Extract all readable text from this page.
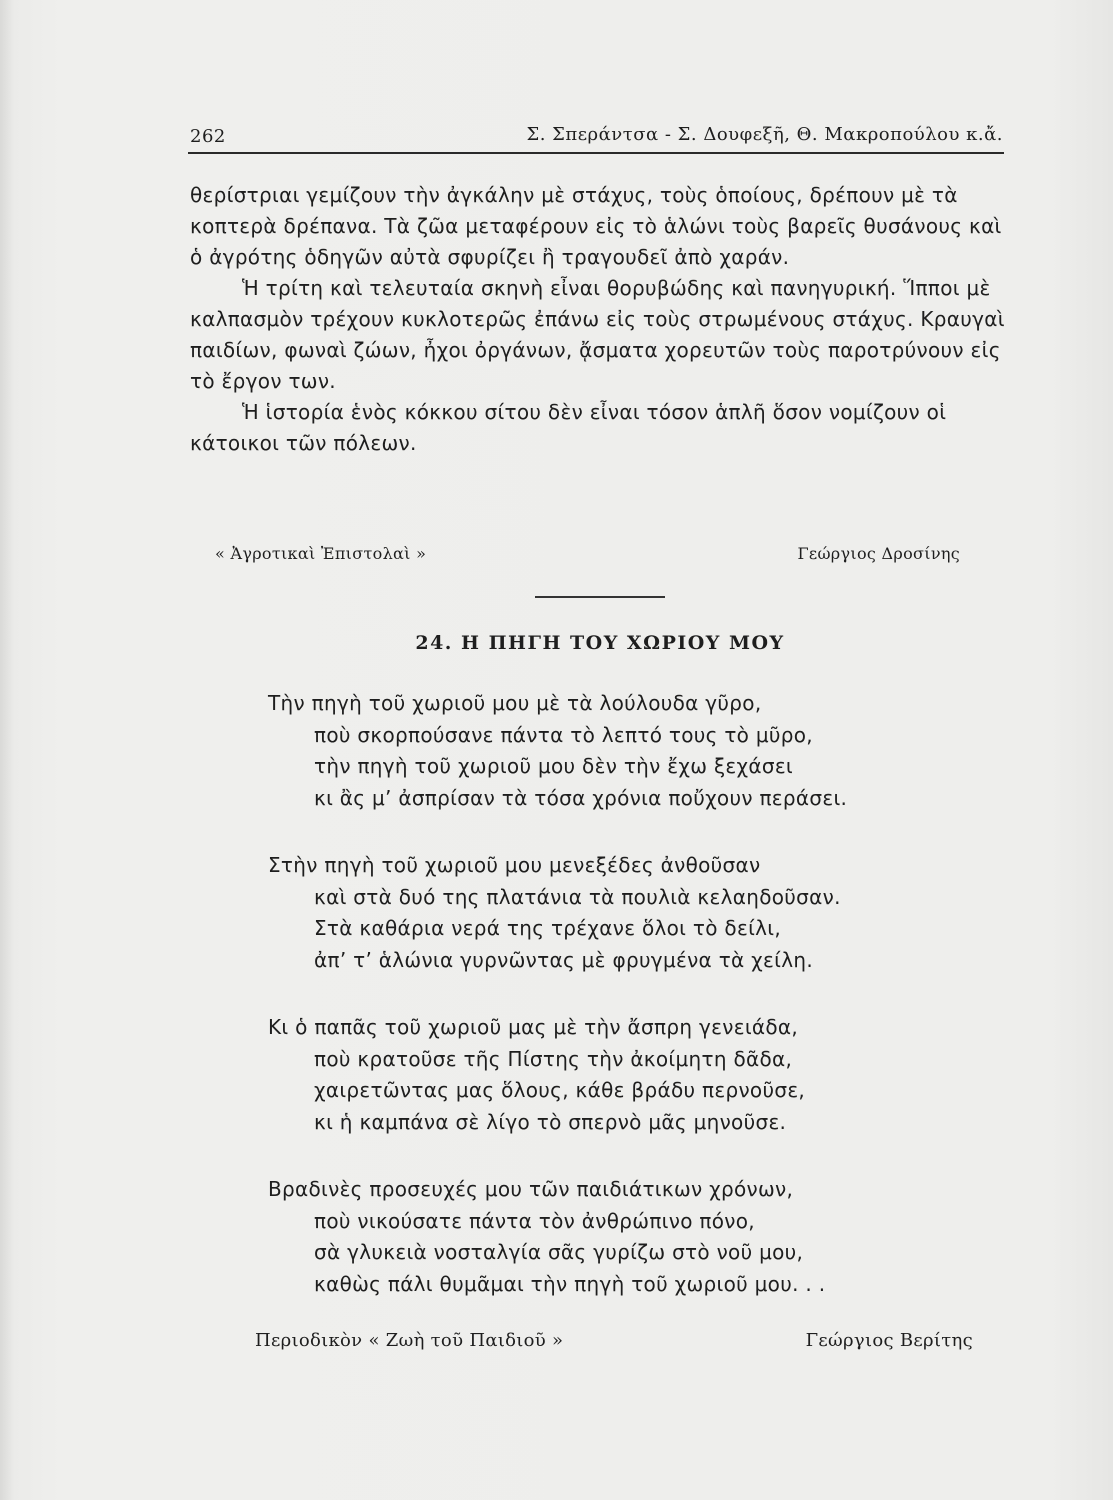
262	Σ. Σπεράντσα - Σ. Δουφεξῆ, Θ. Μακροπούλου κ.ἄ.

θερίστριαι γεμίζουν τὴν ἀγκάλην μὲ στάχυς, τοὺς ὁποίους, δρέπουν μὲ τὰ κοπτερὰ δρέπανα. Τὰ ζῶα μεταφέρουν εἰς τὸ ἁλώνι τοὺς βαρεῖς θυσάνους καὶ ὁ ἀγρότης ὁδηγῶν αὐτὰ σφυρίζει ἢ τραγουδεῖ ἀπὸ χαράν.

Ἡ τρίτη καὶ τελευταία σκηνὴ εἶναι θορυβώδης καὶ πανηγυρική. Ἵπποι μὲ καλπασμὸν τρέχουν κυκλοτερῶς ἐπάνω εἰς τοὺς στρωμένους στάχυς. Κραυγαὶ παιδίων, φωναὶ ζώων, ἦχοι ὀργάνων, ᾄσματα χορευτῶν τοὺς παροτρύνουν εἰς τὸ ἔργον των.

Ἡ ἱστορία ἑνὸς κόκκου σίτου δὲν εἶναι τόσον ἁπλῆ ὅσον νομίζουν οἱ κάτοικοι τῶν πόλεων.

« Ἀγροτικαὶ Ἐπιστολαὶ »	Γεώργιος Δροσίνης
24. Η ΠΗΓΗ ΤΟΥ ΧΩΡΙΟΥ ΜΟΥ
Τὴν πηγὴ τοῦ χωριοῦ μου μὲ τὰ λούλουδα γῦρο,
ποὺ σκορπούσανε πάντα τὸ λεπτό τους τὸ μῦρο,
τὴν πηγὴ τοῦ χωριοῦ μου δὲν τὴν ἔχω ξεχάσει
κι ἂς μ’ ἀσπρίσαν τὰ τόσα χρόνια ποὔχουν περάσει.
Στὴν πηγὴ τοῦ χωριοῦ μου μενεξέδες ἀνθοῦσαν
καὶ στὰ δυό της πλατάνια τὰ πουλιὰ κελαηδοῦσαν.
Στὰ καθάρια νερά της τρέχανε ὅλοι τὸ δείλι,
ἀπ’ τ’ ἁλώνια γυρνῶντας μὲ φρυγμένα τὰ χείλη.
Κι ὁ παπᾶς τοῦ χωριοῦ μας μὲ τὴν ἄσπρη γενειάδα,
ποὺ κρατοῦσε τῆς Πίστης τὴν ἀκοίμητη δᾶδα,
χαιρετῶντας μας ὅλους, κάθε βράδυ περνοῦσε,
κι ἡ καμπάνα σὲ λίγο τὸ σπερνὸ μᾶς μηνοῦσε.
Βραδινὲς προσευχές μου τῶν παιδιάτικων χρόνων,
ποὺ νικούσατε πάντα τὸν ἀνθρώπινο πόνο,
σὰ γλυκειὰ νοσταλγία σᾶς γυρίζω στὸ νοῦ μου,
καθὼς πάλι θυμᾶμαι τὴν πηγὴ τοῦ χωριοῦ μου. . .
Περιοδικὸν « Ζωὴ τοῦ Παιδιοῦ »	Γεώργιος Βερίτης
